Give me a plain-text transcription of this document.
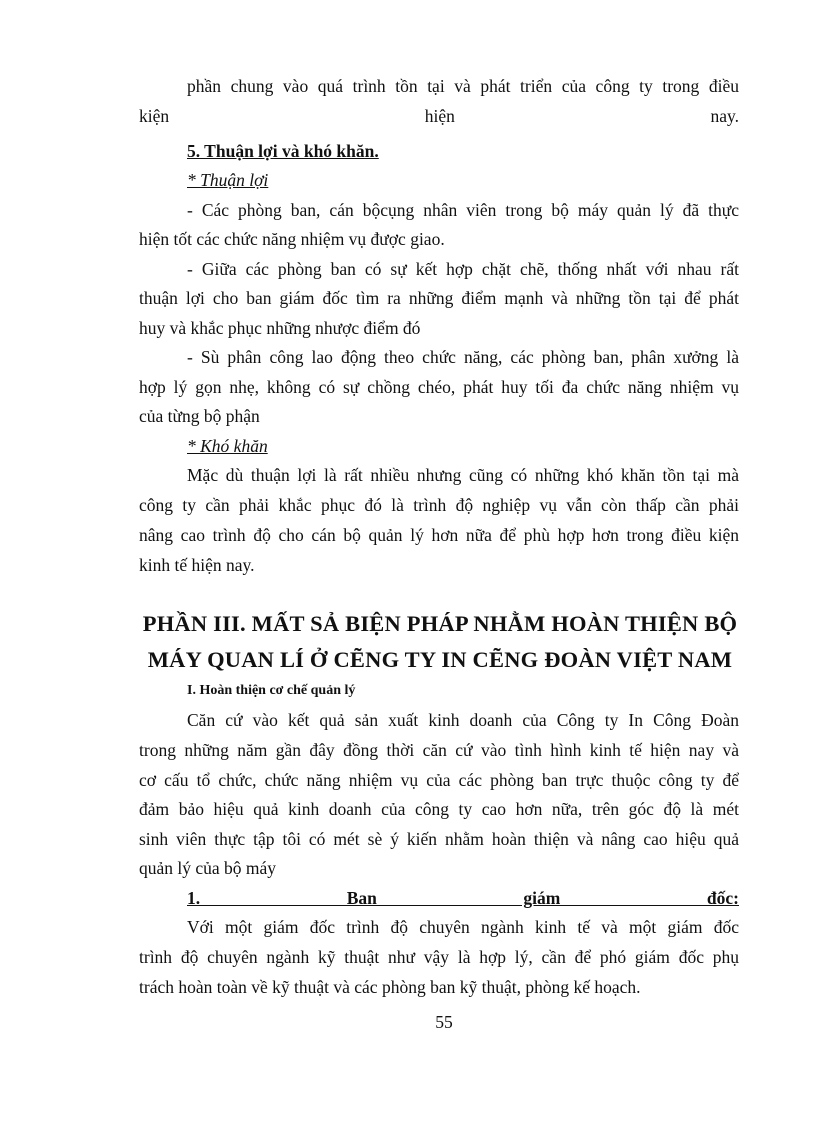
phần chung vào quá trình tồn tại và phát triển của công ty trong điều
kiện hiện nay.
5. Thuận lợi và khó khăn.
* Thuận lợi
- Các phòng ban, cán bộcụng nhân viên trong bộ máy quản lý đã thực
hiện tốt các chức năng nhiệm vụ được giao.
- Giữa các phòng ban có sự kết hợp chặt chẽ, thống nhất với nhau rất
thuận lợi cho ban giám đốc tìm ra những điểm mạnh và những tồn tại để phát
huy và khắc phục những nhược điểm đó
- Sù phân công lao động theo chức năng, các phòng ban, phân xưởng là
hợp lý gọn nhẹ, không có sự chồng chéo, phát huy tối đa chức năng nhiệm vụ
của từng bộ phận
* Khó khăn
Mặc dù thuận lợi là rất nhiều nhưng cũng có những khó khăn tồn tại mà
công ty cần phải khắc phục đó là trình độ nghiệp vụ vẫn còn thấp cần phải
nâng cao trình độ cho cán bộ quản lý hơn nữa để phù hợp hơn trong điều kiện
kinh tế hiện nay.
PHẦN III. MẤT SẢ BIỆN PHÁP NHẰM HOÀN THIỆN BỘ
MÁY QUAN LÍ Ở CẼNG TY IN CẼNG ĐOÀN VIỆT NAM
I. Hoàn thiện cơ chế quản lý
Căn cứ vào kết quả sản xuất kinh doanh của Công ty In Công Đoàn
trong những năm gần đây đồng thời căn cứ vào tình hình kinh tế hiện nay và
cơ cấu tổ chức, chức năng nhiệm vụ của các phòng ban trực thuộc công ty để
đảm bảo hiệu quả kinh doanh của công ty cao hơn nữa, trên góc độ là mét
sinh viên thực tập tôi có mét sè ý kiến nhằm hoàn thiện và nâng cao hiệu quả
quản lý của bộ máy
1. Ban giám đốc:
Với một giám đốc trình độ chuyên ngành kinh tế và một giám đốc
trình độ chuyên ngành kỹ thuật như vậy là hợp lý, cần để phó giám đốc phụ
trách hoàn toàn về kỹ thuật và các phòng ban kỹ thuật, phòng kế hoạch.
55
